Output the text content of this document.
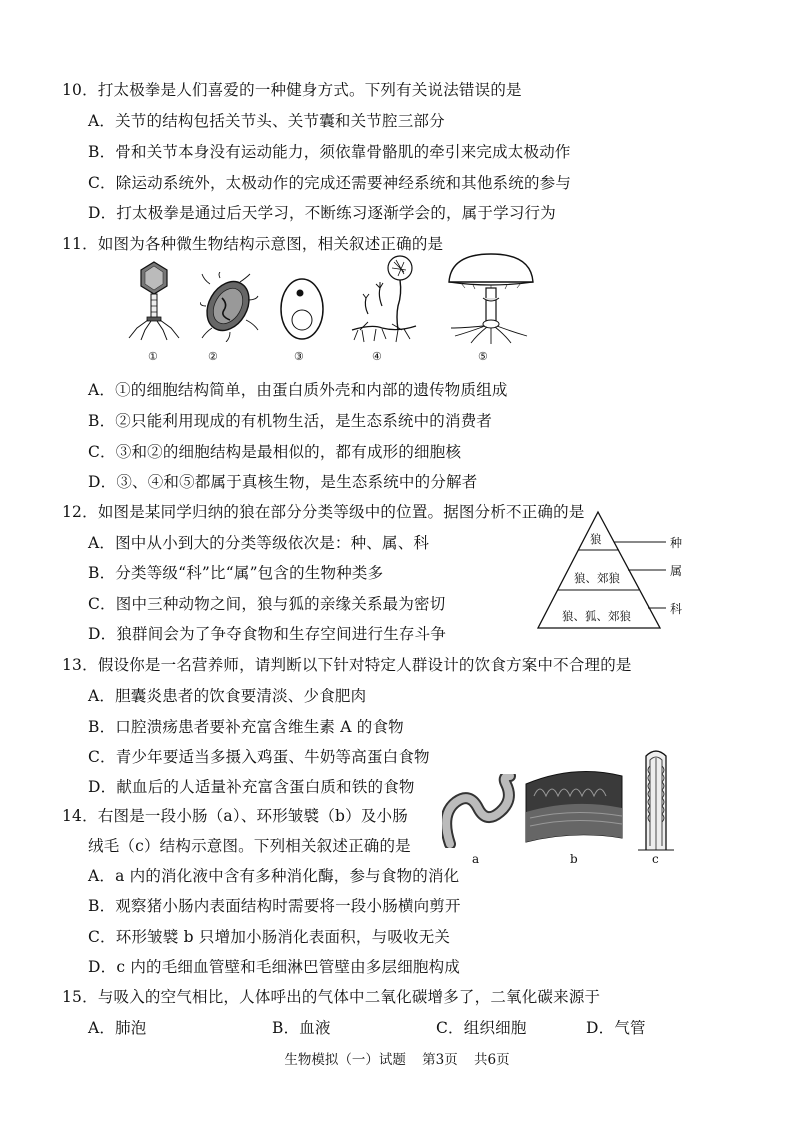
10．打太极拳是人们喜爱的一种健身方式。下列有关说法错误的是
A．关节的结构包括关节头、关节囊和关节腔三部分
B．骨和关节本身没有运动能力，须依靠骨骼肌的牵引来完成太极动作
C．除运动系统外，太极动作的完成还需要神经系统和其他系统的参与
D．打太极拳是通过后天学习，不断练习逐渐学会的，属于学习行为
11．如图为各种微生物结构示意图，相关叙述正确的是
①	②	③	④	⑤
A．①的细胞结构简单，由蛋白质外壳和内部的遗传物质组成
B．②只能利用现成的有机物生活，是生态系统中的消费者
C．③和②的细胞结构是最相似的，都有成形的细胞核
D．③、④和⑤都属于真核生物，是生态系统中的分解者
12．如图是某同学归纳的狼在部分分类等级中的位置。据图分析不正确的是
A．图中从小到大的分类等级依次是：种、属、科
B．分类等级“科”比“属”包含的生物种类多
C．图中三种动物之间，狼与狐的亲缘关系最为密切
D．狼群间会为了争夺食物和生存空间进行生存斗争
狼
狼、郊狼
狼、狐、郊狼
种
属
科
13．假设你是一名营养师，请判断以下针对特定人群设计的饮食方案中不合理的是
A．胆囊炎患者的饮食要清淡、少食肥肉
B．口腔溃疡患者要补充富含维生素 A 的食物
C．青少年要适当多摄入鸡蛋、牛奶等高蛋白食物
D．献血后的人适量补充富含蛋白质和铁的食物
14．右图是一段小肠（a）、环形皱襞（b）及小肠
绒毛（c）结构示意图。下列相关叙述正确的是
a	b	c
A．a 内的消化液中含有多种消化酶，参与食物的消化
B．观察猪小肠内表面结构时需要将一段小肠横向剪开
C．环形皱襞 b 只增加小肠消化表面积，与吸收无关
D．c 内的毛细血管壁和毛细淋巴管壁由多层细胞构成
15．与吸入的空气相比，人体呼出的气体中二氧化碳增多了，二氧化碳来源于
A．肺泡	B．血液	C．组织细胞	D．气管
生物模拟（一）试题 第3页 共6页
